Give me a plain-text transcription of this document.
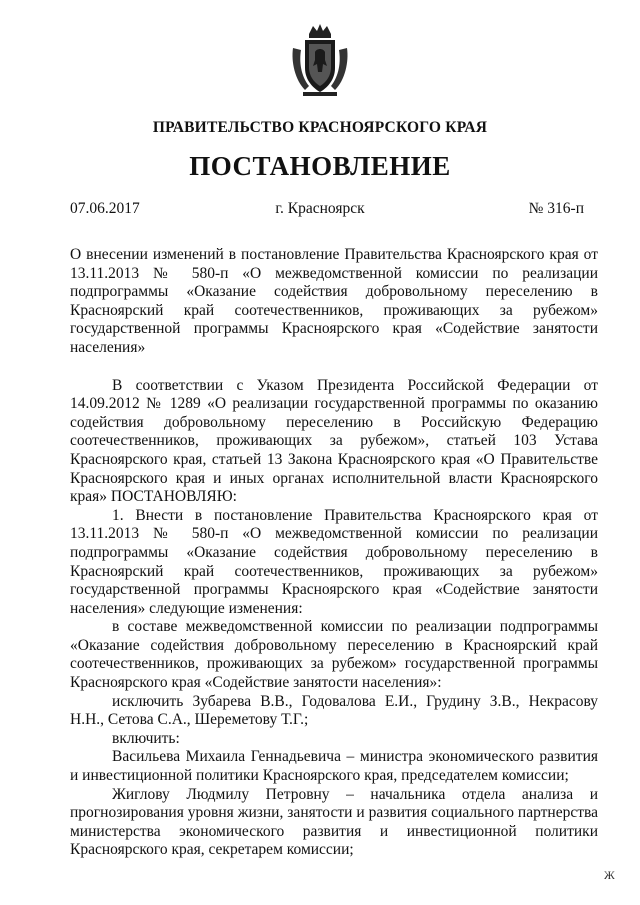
ПРАВИТЕЛЬСТВО КРАСНОЯРСКОГО КРАЯ
ПОСТАНОВЛЕНИЕ
07.06.2017	г. Красноярск	№ 316-п

О внесении изменений в постановление Правительства Красноярского края от 13.11.2013 № 580-п «О межведомственной комиссии по реализации подпрограммы «Оказание содействия добровольному переселению в Красноярский край соотечественников, проживающих за рубежом» государственной программы Красноярского края «Содействие занятости населения»

В соответствии с Указом Президента Российской Федерации от 14.09.2012 № 1289 «О реализации государственной программы по оказанию содействия добровольному переселению в Российскую Федерацию соотечественников, проживающих за рубежом», статьей 103 Устава Красноярского края, статьей 13 Закона Красноярского края «О Правительстве Красноярского края и иных органах исполнительной власти Красноярского края» ПОСТАНОВЛЯЮ:

1. Внести в постановление Правительства Красноярского края от 13.11.2013 № 580-п «О межведомственной комиссии по реализации подпрограммы «Оказание содействия добровольному переселению в Красноярский край соотечественников, проживающих за рубежом» государственной программы Красноярского края «Содействие занятости населения» следующие изменения:

в составе межведомственной комиссии по реализации подпрограммы «Оказание содействия добровольному переселению в Красноярский край соотечественников, проживающих за рубежом» государственной программы Красноярского края «Содействие занятости населения»:

исключить Зубарева В.В., Годовалова Е.И., Грудину З.В., Некрасову Н.Н., Сетова С.А., Шереметову Т.Г.;

включить:

Васильева Михаила Геннадьевича – министра экономического развития и инвестиционной политики Красноярского края, председателем комиссии;

Жиглову Людмилу Петровну – начальника отдела анализа и прогнозирования уровня жизни, занятости и развития социального партнерства министерства экономического развития и инвестиционной политики Красноярского края, секретарем комиссии;

Ж
